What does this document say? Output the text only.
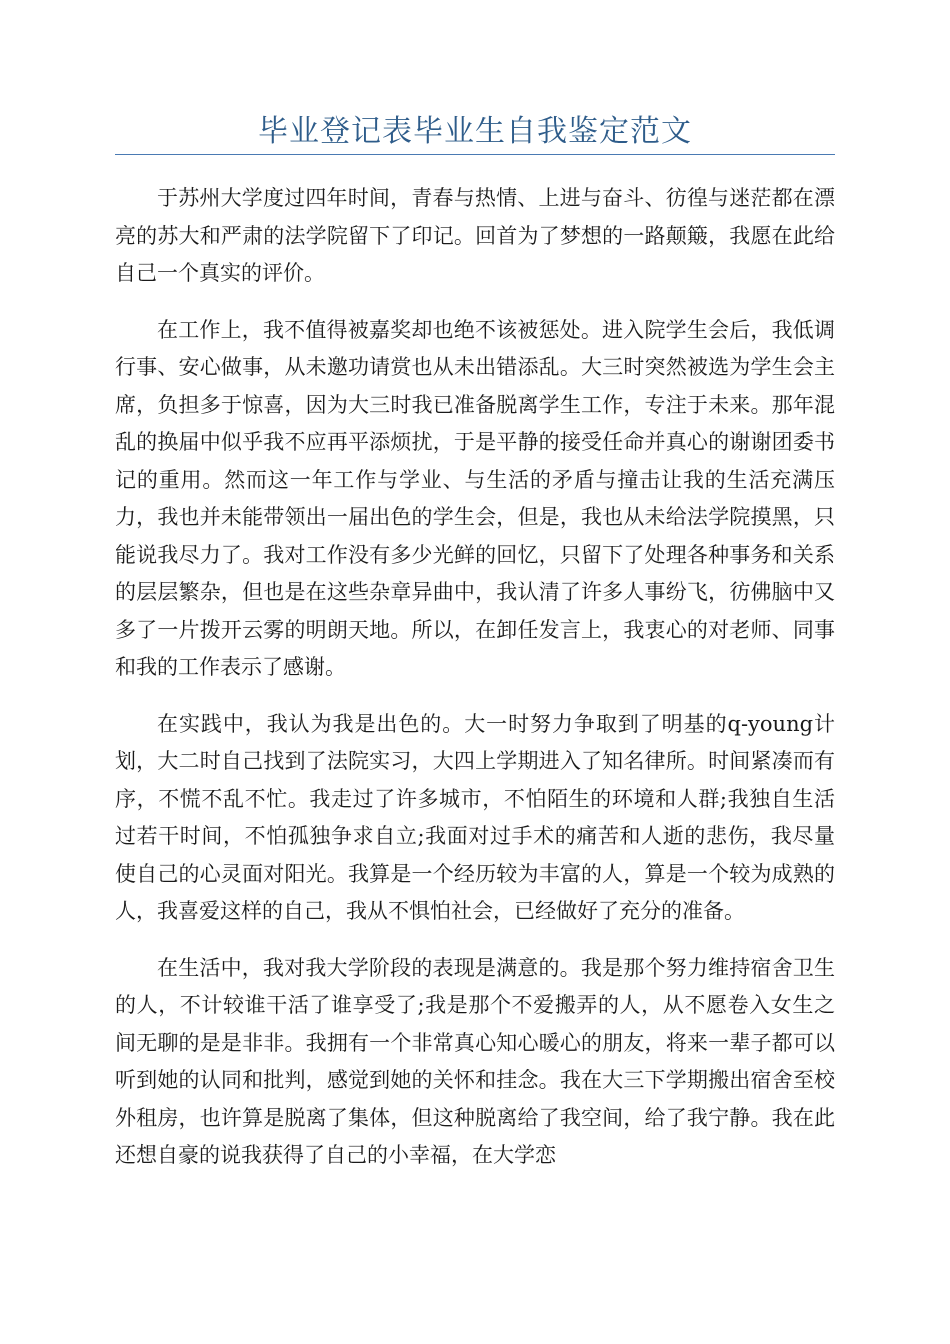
毕业登记表毕业生自我鉴定范文

于苏州大学度过四年时间，青春与热情、上进与奋斗、彷徨与迷茫都在漂亮的苏大和严肃的法学院留下了印记。回首为了梦想的一路颠簸，我愿在此给自己一个真实的评价。

在工作上，我不值得被嘉奖却也绝不该被惩处。进入院学生会后，我低调行事、安心做事，从未邀功请赏也从未出错添乱。大三时突然被选为学生会主席，负担多于惊喜，因为大三时我已准备脱离学生工作，专注于未来。那年混乱的换届中似乎我不应再平添烦扰，于是平静的接受任命并真心的谢谢团委书记的重用。然而这一年工作与学业、与生活的矛盾与撞击让我的生活充满压力，我也并未能带领出一届出色的学生会，但是，我也从未给法学院摸黑，只能说我尽力了。我对工作没有多少光鲜的回忆，只留下了处理各种事务和关系的层层繁杂，但也是在这些杂章异曲中，我认清了许多人事纷飞，彷佛脑中又多了一片拨开云雾的明朗天地。所以，在卸任发言上，我衷心的对老师、同事和我的工作表示了感谢。

在实践中，我认为我是出色的。大一时努力争取到了明基的q-young计划，大二时自己找到了法院实习，大四上学期进入了知名律所。时间紧凑而有序，不慌不乱不忙。我走过了许多城市，不怕陌生的环境和人群;我独自生活过若干时间，不怕孤独争求自立;我面对过手术的痛苦和人逝的悲伤，我尽量使自己的心灵面对阳光。我算是一个经历较为丰富的人，算是一个较为成熟的人，我喜爱这样的自己，我从不惧怕社会，已经做好了充分的准备。

在生活中，我对我大学阶段的表现是满意的。我是那个努力维持宿舍卫生的人，不计较谁干活了谁享受了;我是那个不爱搬弄的人，从不愿卷入女生之间无聊的是是非非。我拥有一个非常真心知心暖心的朋友，将来一辈子都可以听到她的认同和批判，感觉到她的关怀和挂念。我在大三下学期搬出宿舍至校外租房，也许算是脱离了集体，但这种脱离给了我空间，给了我宁静。我在此还想自豪的说我获得了自己的小幸福，在大学恋
